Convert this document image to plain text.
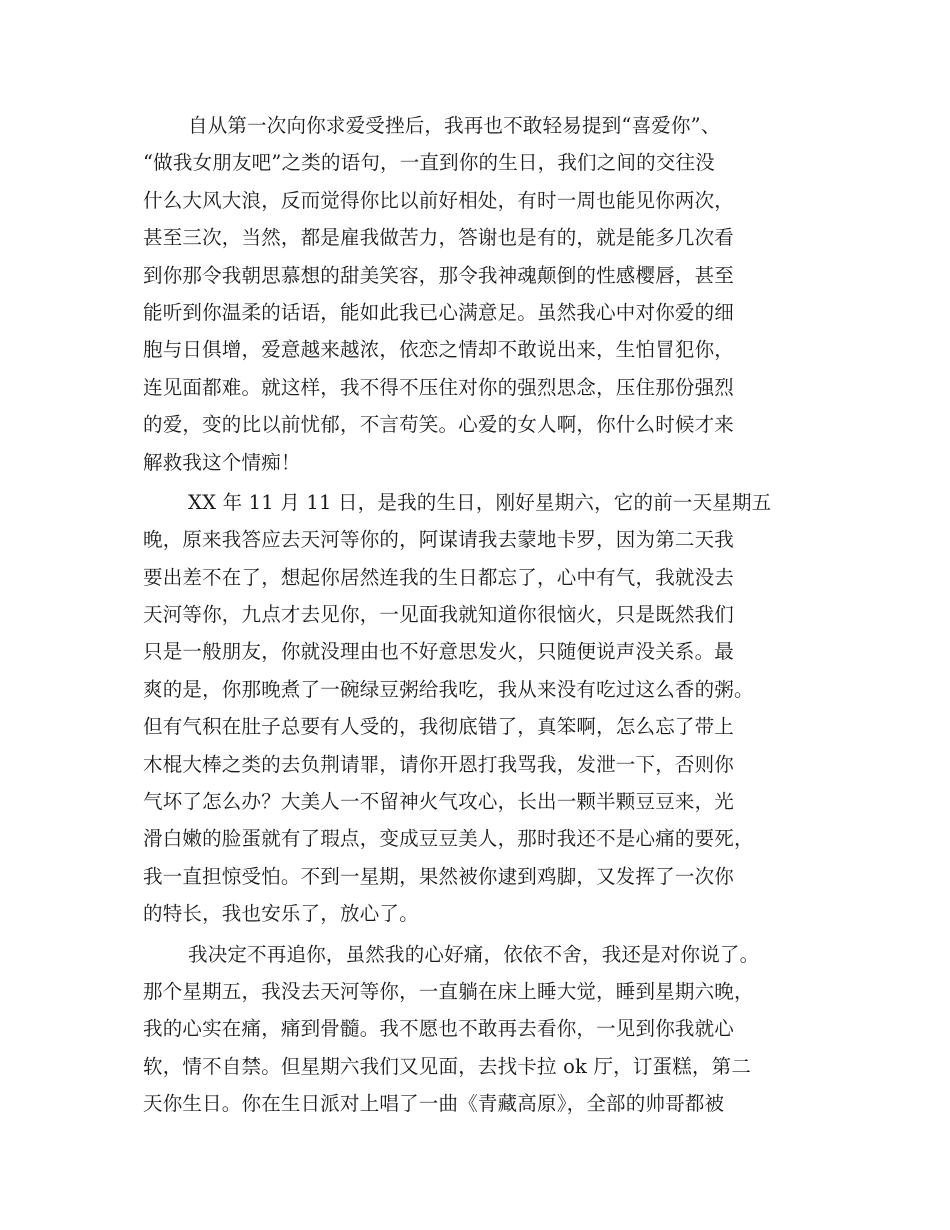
自从第一次向你求爱受挫后，我再也不敢轻易提到“喜爱你”、
“做我女朋友吧”之类的语句，一直到你的生日，我们之间的交往没
什么大风大浪，反而觉得你比以前好相处，有时一周也能见你两次，
甚至三次，当然，都是雇我做苦力，答谢也是有的，就是能多几次看
到你那令我朝思慕想的甜美笑容，那令我神魂颠倒的性感樱唇，甚至
能听到你温柔的话语，能如此我已心满意足。虽然我心中对你爱的细
胞与日俱增，爱意越来越浓，依恋之情却不敢说出来，生怕冒犯你，
连见面都难。就这样，我不得不压住对你的强烈思念，压住那份强烈
的爱，变的比以前忧郁，不言苟笑。心爱的女人啊，你什么时候才来
解救我这个情痴！
XX 年 11 月 11 日，是我的生日，刚好星期六，它的前一天星期五
晚，原来我答应去天河等你的，阿谋请我去蒙地卡罗，因为第二天我
要出差不在了，想起你居然连我的生日都忘了，心中有气，我就没去
天河等你，九点才去见你，一见面我就知道你很恼火，只是既然我们
只是一般朋友，你就没理由也不好意思发火，只随便说声没关系。最
爽的是，你那晚煮了一碗绿豆粥给我吃，我从来没有吃过这么香的粥。
但有气积在肚子总要有人受的，我彻底错了，真笨啊，怎么忘了带上
木棍大棒之类的去负荆请罪，请你开恩打我骂我，发泄一下，否则你
气坏了怎么办？大美人一不留神火气攻心，长出一颗半颗豆豆来，光
滑白嫩的脸蛋就有了瑕点，变成豆豆美人，那时我还不是心痛的要死，
我一直担惊受怕。不到一星期，果然被你逮到鸡脚，又发挥了一次你
的特长，我也安乐了，放心了。
我决定不再追你，虽然我的心好痛，依依不舍，我还是对你说了。
那个星期五，我没去天河等你，一直躺在床上睡大觉，睡到星期六晚，
我的心实在痛，痛到骨髓。我不愿也不敢再去看你，一见到你我就心
软，情不自禁。但星期六我们又见面，去找卡拉 ok 厅，订蛋糕，第二
天你生日。你在生日派对上唱了一曲《青藏高原》，全部的帅哥都被
